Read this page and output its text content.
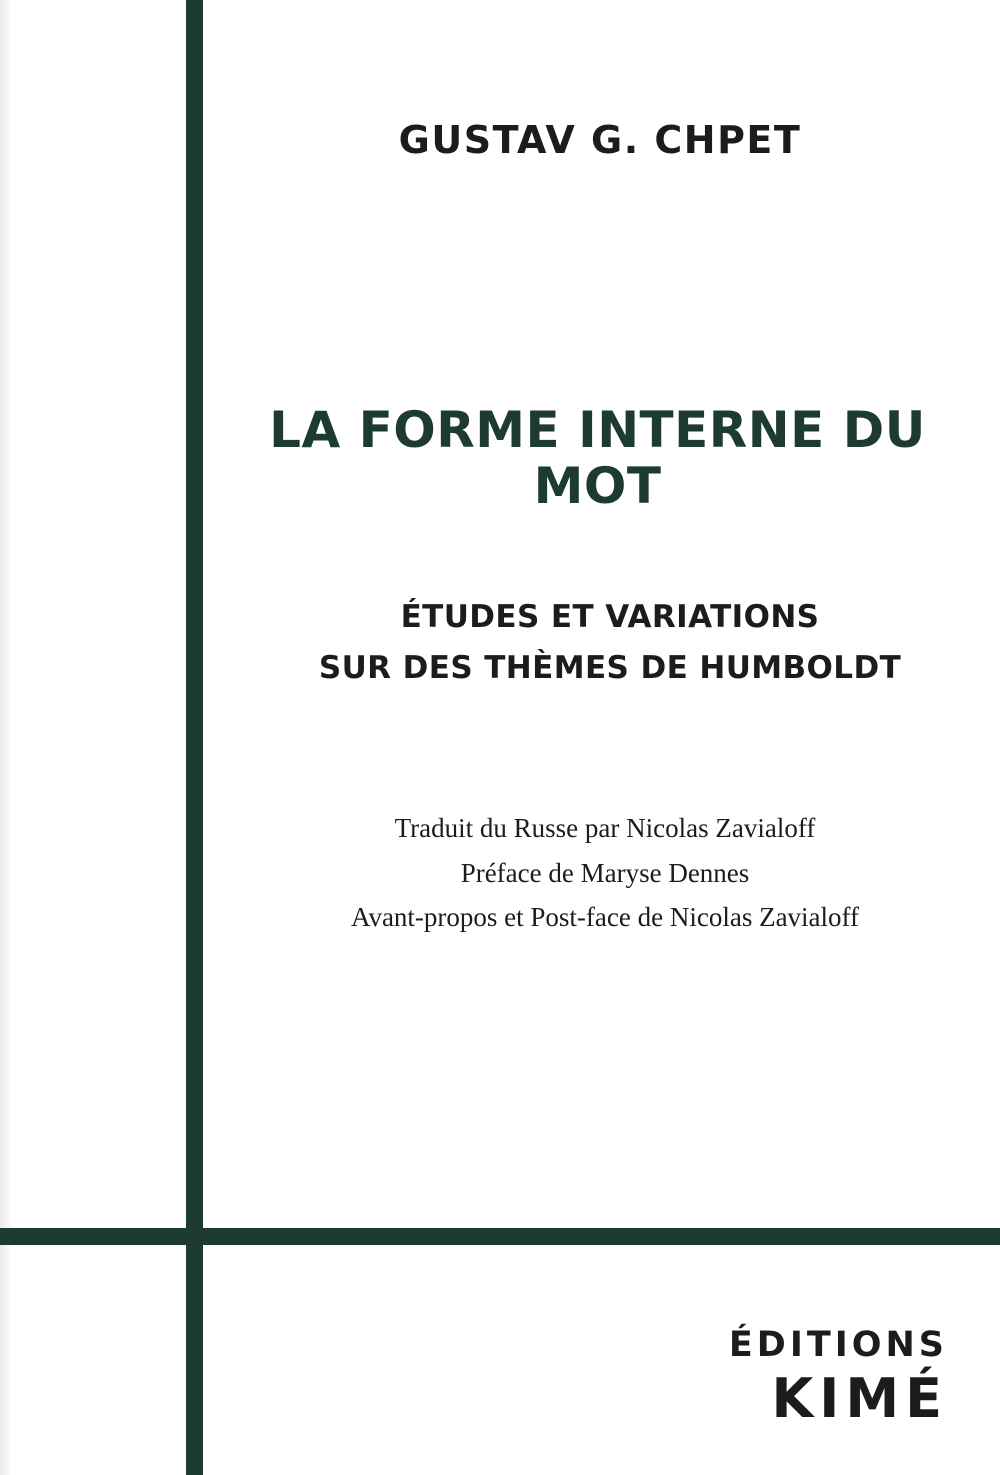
GUSTAV G. CHPET
LA FORME INTERNE DU MOT
ÉTUDES ET VARIATIONS
SUR DES THÈMES DE HUMBOLDT
Traduit du Russe par Nicolas Zavialoff
Préface de Maryse Dennes
Avant-propos et Post-face de Nicolas Zavialoff
ÉDITIONS
KIMÉ
